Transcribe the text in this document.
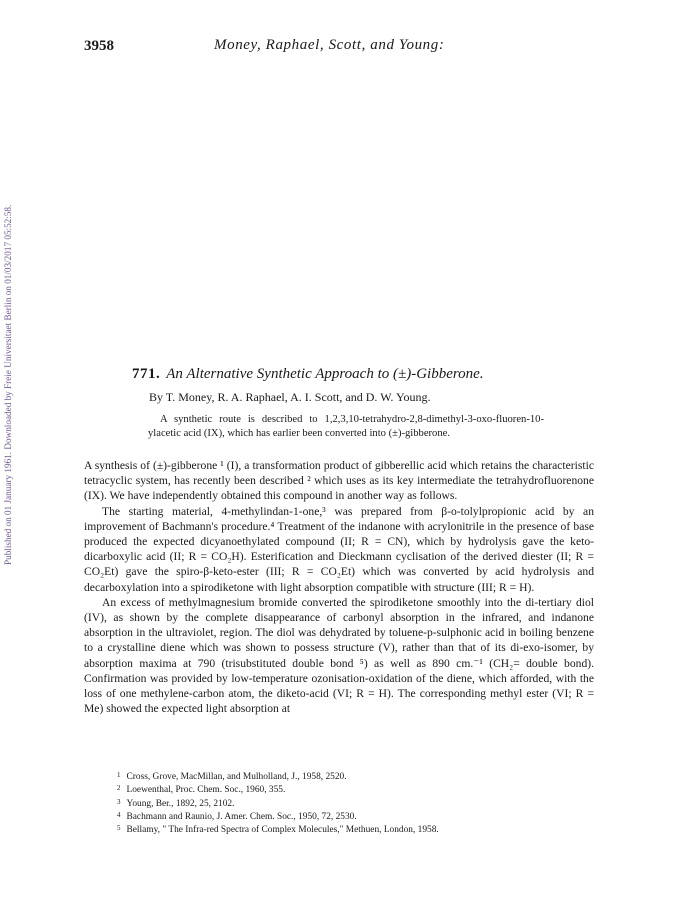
3958	Money, Raphael, Scott, and Young:
Published on 01 January 1961. Downloaded by Freie Universitaet Berlin on 01/03/2017 05:52:58.	771. An Alternative Synthetic Approach to (±)-Gibberone.
By T. Money, R. A. Raphael, A. I. Scott, and D. W. Young.

A synthetic route is described to 1,2,3,10-tetrahydro-2,8-dimethyl-3-oxo-fluoren-10-ylacetic acid (IX), which has earlier been converted into (±)-gibberone.

A synthesis of (±)-gibberone ¹ (I), a transformation product of gibberellic acid which retains the characteristic tetracyclic system, has recently been described ² which uses as its key intermediate the tetrahydrofluorenone (IX). We have independently obtained this compound in another way as follows.

The starting material, 4-methylindan-1-one,³ was prepared from β-o-tolylpropionic acid by an improvement of Bachmann's procedure.⁴ Treatment of the indanone with acrylonitrile in the presence of base produced the expected dicyanoethylated compound (II; R = CN), which by hydrolysis gave the keto-dicarboxylic acid (II; R = CO₂H). Esterification and Dieckmann cyclisation of the derived diester (II; R = CO₂Et) gave the spiro-β-keto-ester (III; R = CO₂Et) which was converted by acid hydrolysis and decarboxylation into a spirodiketone with light absorption compatible with structure (III; R = H).

An excess of methylmagnesium bromide converted the spirodiketone smoothly into the di-tertiary diol (IV), as shown by the complete disappearance of carbonyl absorption in the infrared, and indanone absorption in the ultraviolet, region. The diol was dehydrated by toluene-p-sulphonic acid in boiling benzene to a crystalline diene which was shown to possess structure (V), rather than that of its di-exo-isomer, by absorption maxima at 790 (trisubstituted double bond ⁵) as well as 890 cm.⁻¹ (CH₂= double bond). Confirmation was provided by low-temperature ozonisation-oxidation of the diene, which afforded, with the loss of one methylene-carbon atom, the diketo-acid (VI; R = H). The corresponding methyl ester (VI; R = Me) showed the expected light absorption at

$^1$ Cross, Grove, MacMillan, and Mulholland, J., 1958, 2520.
$^2$ Loewenthal, Proc. Chem. Soc., 1960, 355.
$^3$ Young, Ber., 1892, 25, 2102.
$^4$ Bachmann and Raunio, J. Amer. Chem. Soc., 1950, 72, 2530.
$^5$ Bellamy, " The Infra-red Spectra of Complex Molecules," Methuen, London, 1958.
